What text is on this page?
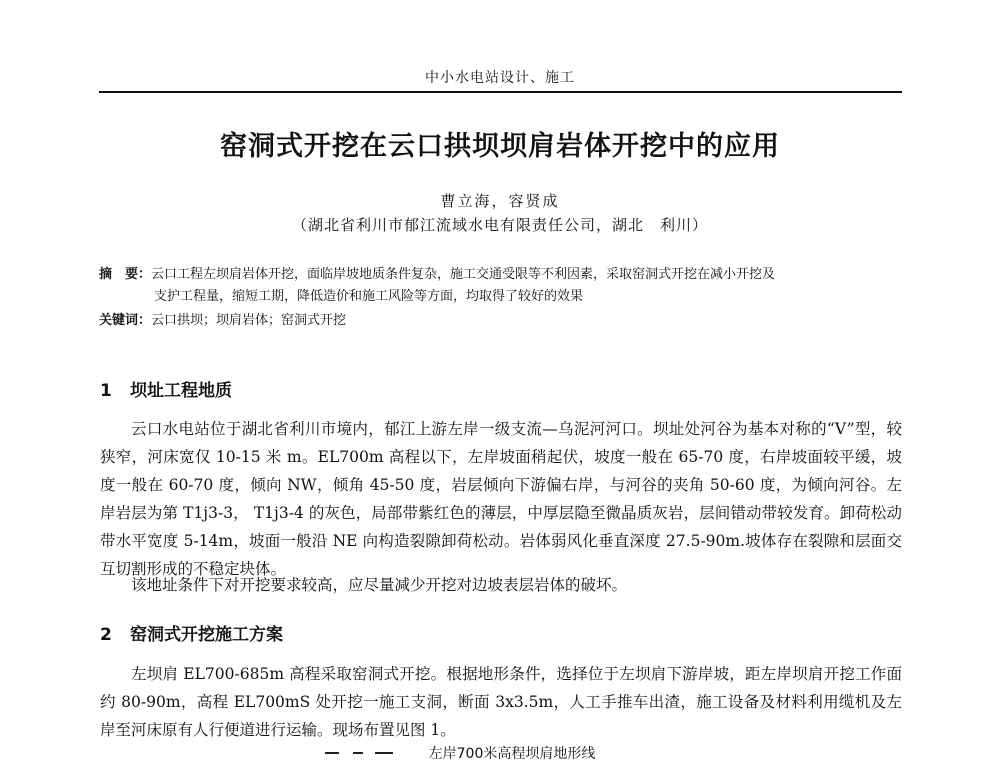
中小水电站设计、施工
窑洞式开挖在云口拱坝坝肩岩体开挖中的应用
曹立海，容贤成
（湖北省利川市郁江流域水电有限责任公司，湖北　利川）
摘　要：云口工程左坝肩岩体开挖，面临岸坡地质条件复杂，施工交通受限等不利因素，采取窑洞式开挖在减小开挖及
支护工程量，缩短工期，降低造价和施工风险等方面，均取得了较好的效果
关键词：云口拱坝；坝肩岩体；窑洞式开挖
1 坝址工程地质
云口水电站位于湖北省利川市境内，郁江上游左岸一级支流—乌泥河河口。坝址处河谷为基本对称的“V”型，较狭窄，河床宽仅 10-15 米 m。EL700m 高程以下，左岸坡面稍起伏，坡度一般在 65-70 度，右岸坡面较平缓，坡度一般在 60-70 度，倾向 NW，倾角 45-50 度，岩层倾向下游偏右岸，与河谷的夹角 50-60 度，为倾向河谷。左岸岩层为第 T1j3-3， T1j3-4 的灰色，局部带紫红色的薄层，中厚层隐至微晶质灰岩，层间错动带较发育。卸荷松动带水平宽度 5-14m，坡面一般沿 NE 向构造裂隙卸荷松动。岩体弱风化垂直深度 27.5-90m.坡体存在裂隙和层面交互切割形成的不稳定块体。
该地址条件下对开挖要求较高，应尽量减少开挖对边坡表层岩体的破坏。
2 窑洞式开挖施工方案
左坝肩 EL700-685m 高程采取窑洞式开挖。根据地形条件，选择位于左坝肩下游岸坡，距左岸坝肩开挖工作面约 80-90m，高程 EL700mS 处开挖一施工支洞，断面 3x3.5m，人工手推车出渣，施工设备及材料利用缆机及左岸至河床原有人行便道进行运输。现场布置见图 1。
左岸700米高程坝肩地形线
